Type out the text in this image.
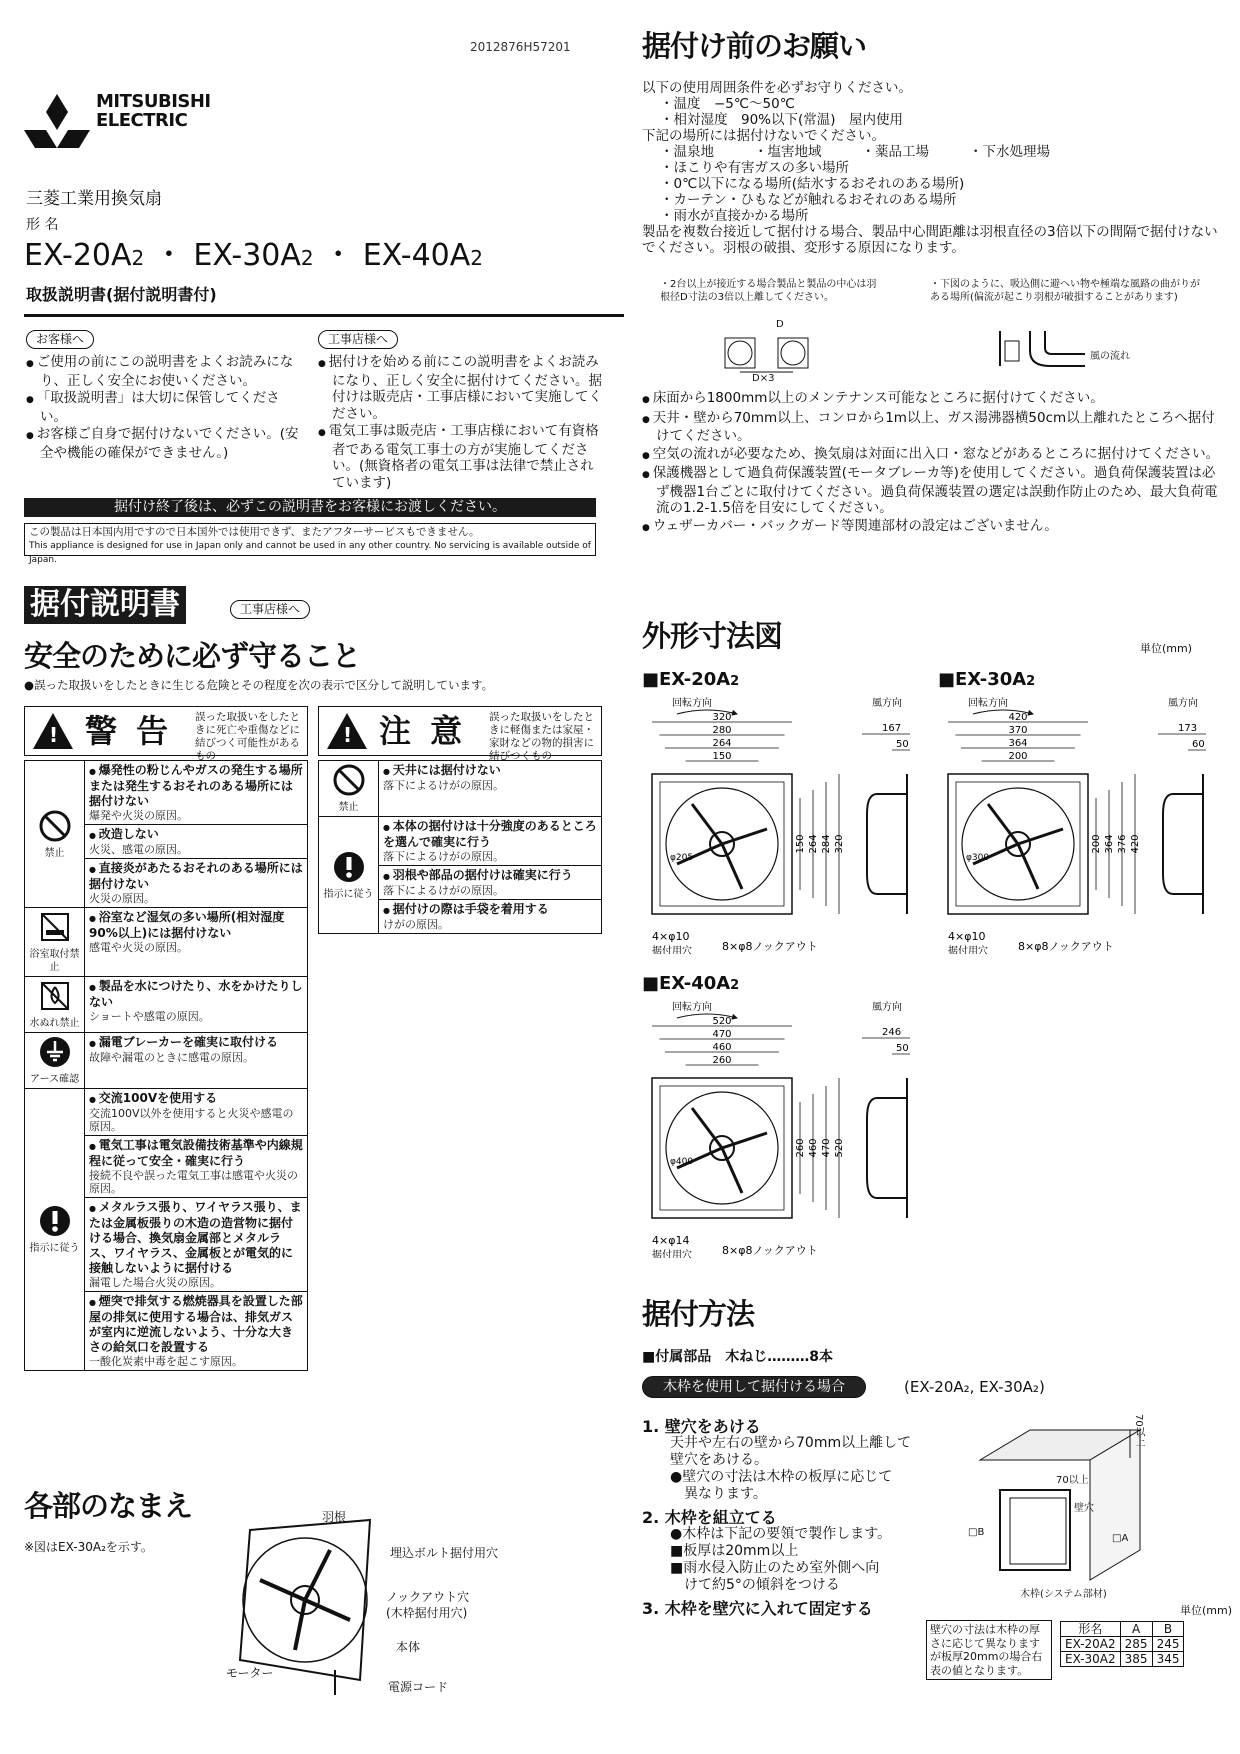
2012876H57201
MITSUBISHI
ELECTRIC
三菱工業用換気扇
形 名
EX-20A2 ・ EX-30A2 ・ EX-40A2
取扱説明書(据付説明書付)
お客様へ
● ご使用の前にこの説明書をよくお読みになり、正しく安全にお使いください。
● 「取扱説明書」は大切に保管してください。
● お客様ご自身で据付けないでください。(安全や機能の確保ができません。)
工事店様へ
● 据付けを始める前にこの説明書をよくお読みになり、正しく安全に据付けてください。据付けは販売店・工事店様において実施してください。
● 電気工事は販売店・工事店様において有資格者である電気工事士の方が実施してください。(無資格者の電気工事は法律で禁止されています)
据付け終了後は、必ずこの説明書をお客様にお渡しください。
この製品は日本国内用ですので日本国外では使用できず、またアフターサービスもできません。
This appliance is designed for use in Japan only and cannot be used in any other country. No servicing is available outside of Japan.
据付説明書	工事店様へ
安全のために必ず守ること
●誤った取扱いをしたときに生じる危険とその程度を次の表示で区分して説明しています。
!
警 告 誤った取扱いをしたときに死亡や重傷などに結びつく可能性があるもの
!
注 意 誤った取扱いをしたときに軽傷または家屋・家財などの物的損害に結びつくもの
禁止	● 爆発性の粉じんやガスの発生する場所または発生するおそれのある場所には据付けない
爆発や火災の原因。

	● 改造しない
火災、感電の原因。

	● 直接炎があたるおそれのある場所には据付けない
火災の原因。

浴室取付禁止	● 浴室など湿気の多い場所(相対湿度90%以上)には据付けない
感電や火災の原因。

水ぬれ禁止	● 製品を水につけたり、水をかけたりしない
ショートや感電の原因。

アース確認	● 漏電ブレーカーを確実に取付ける
故障や漏電のときに感電の原因。

指示に従う	● 交流100Vを使用する
交流100V以外を使用すると火災や感電の原因。

	● 電気工事は電気設備技術基準や内線規程に従って安全・確実に行う
接続不良や誤った電気工事は感電や火災の原因。

	● メタルラス張り、ワイヤラス張り、または金属板張りの木造の造営物に据付ける場合、換気扇金属部とメタルラス、ワイヤラス、金属板とが電気的に接触しないように据付ける
漏電した場合火災の原因。

	● 煙突で排気する燃焼器具を設置した部屋の排気に使用する場合は、排気ガスが室内に逆流しないよう、十分な大きさの給気口を設置する
一酸化炭素中毒を起こす原因。
禁止	● 天井には据付けない
落下によるけがの原因。

指示に従う	● 本体の据付けは十分強度のあるところを選んで確実に行う
落下によるけがの原因。

	● 羽根や部品の据付けは確実に行う
落下によるけがの原因。

	● 据付けの際は手袋を着用する
けがの原因。
各部のなまえ
※図はEX-30A₂を示す。
羽根
埋込ボルト据付用穴
ノックアウト穴
(木枠据付用穴)
本体
モーター
電源コード
据付け前のお願い
以下の使用周囲条件を必ずお守りください。
・温度　−5℃〜50℃
・相対湿度　90%以下(常温)　屋内使用
下記の場所には据付けないでください。
・温泉地	・塩害地域	・薬品工場	・下水処理場
・ほこりや有害ガスの多い場所
・0℃以下になる場所(結氷するおそれのある場所)
・カーテン・ひもなどが触れるおそれのある場所
・雨水が直接かかる場所
製品を複数台接近して据付ける場合、製品中心間距離は羽根直径の3倍以下の間隔で据付けないでください。羽根の破損、変形する原因になります。
・2台以上が接近する場合製品と製品の中心は羽根径D寸法の3倍以上離してください。
・下図のように、吸込側に避へい物や極端な風路の曲がりがある場所(偏流が起こり羽根が破損することがあります)
D
D×3
風の流れ
● 床面から1800mm以上のメンテナンス可能なところに据付けてください。
● 天井・壁から70mm以上、コンロから1m以上、ガス湯沸器横50cm以上離れたところへ据付けてください。
● 空気の流れが必要なため、換気扇は対面に出入口・窓などがあるところに据付けてください。
● 保護機器として過負荷保護装置(モータブレーカ等)を使用してください。過負荷保護装置は必ず機器1台ごとに取付けてください。過負荷保護装置の選定は誤動作防止のため、最大負荷電流の1.2-1.5倍を目安にしてください。
● ウェザーカバー・バックガード等関連部材の設定はございません。
外形寸法図	単位(mm)
■EX-20A2	■EX-30A2
■EX-40A2
回転方向
320
280
264
150
φ205
150 264 284 320
風方向
167
50
4×φ10
据付用穴	8×φ8ノックアウト
回転方向
420
370
364
200
φ300
200 364 376 420
風方向
173
60
4×φ10
据付用穴	8×φ8ノックアウト
回転方向
520
470
460
260
φ400
260 460 470 520
風方向
246
50
4×φ14
据付用穴	8×φ8ノックアウト
据付方法
■付属部品　木ねじ………8本
木枠を使用して据付ける場合	(EX-20A₂, EX-30A₂)
1. 壁穴をあける
天井や左右の壁から70mm以上離して
壁穴をあける。
●壁穴の寸法は木枠の板厚に応じて
　異なります。
2. 木枠を組立てる
●木枠は下記の要領で製作します。
■板厚は20mm以上
■雨水侵入防止のため室外側へ向
　けて約5°の傾斜をつける
3. 木枠を壁穴に入れて固定する
70以上
70以上
壁穴
□A
□B
木枠(システム部材)
壁穴の寸法は木枠の厚さに応じて異なりますが板厚20mmの場合右表の値となります。
単位(mm)
形名	A	B
EX-20A2	285	245
EX-30A2	385	345
